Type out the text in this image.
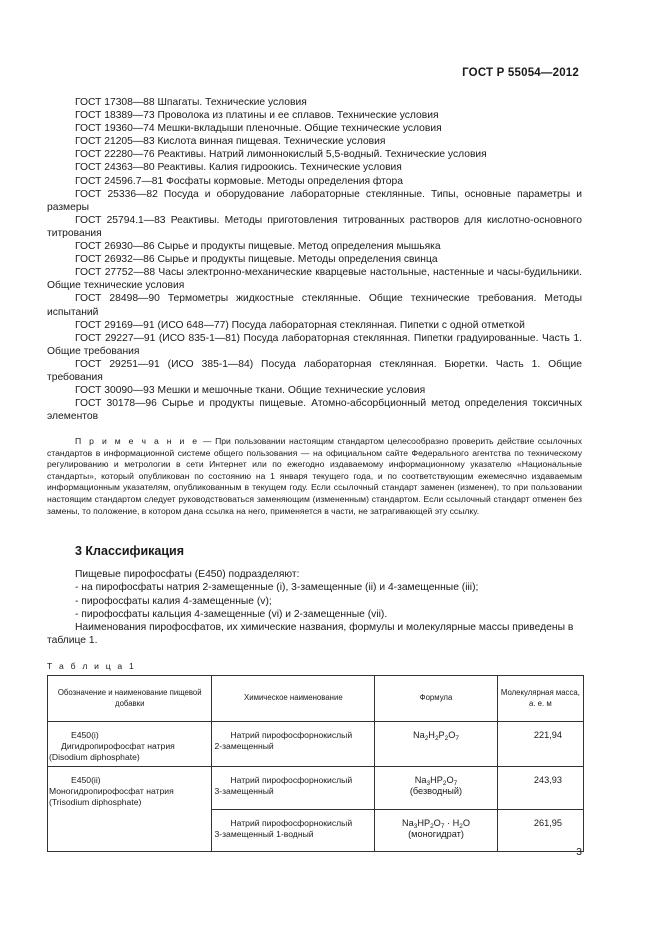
ГОСТ Р 55054—2012

ГОСТ 17308—88 Шпагаты. Технические условия

ГОСТ 18389—73 Проволока из платины и ее сплавов. Технические условия

ГОСТ 19360—74 Мешки-вкладыши пленочные. Общие технические условия

ГОСТ 21205—83 Кислота винная пищевая. Технические условия

ГОСТ 22280—76 Реактивы. Натрий лимоннокислый 5,5-водный. Технические условия

ГОСТ 24363—80 Реактивы. Калия гидроокись. Технические условия

ГОСТ 24596.7—81 Фосфаты кормовые. Методы определения фтора

ГОСТ 25336—82 Посуда и оборудование лабораторные стеклянные. Типы, основные параметры и размеры

ГОСТ 25794.1—83 Реактивы. Методы приготовления титрованных растворов для кислотно-основного титрования

ГОСТ 26930—86 Сырье и продукты пищевые. Метод определения мышьяка

ГОСТ 26932—86 Сырье и продукты пищевые. Методы определения свинца

ГОСТ 27752—88 Часы электронно-механические кварцевые настольные, настенные и часы-будильники. Общие технические условия

ГОСТ 28498—90 Термометры жидкостные стеклянные. Общие технические требования. Методы испытаний

ГОСТ 29169—91 (ИСО 648—77) Посуда лабораторная стеклянная. Пипетки с одной отметкой

ГОСТ 29227—91 (ИСО 835-1—81) Посуда лабораторная стеклянная. Пипетки градуированные. Часть 1. Общие требования

ГОСТ 29251—91 (ИСО 385-1—84) Посуда лабораторная стеклянная. Бюретки. Часть 1. Общие требования

ГОСТ 30090—93 Мешки и мешочные ткани. Общие технические условия

ГОСТ 30178—96 Сырье и продукты пищевые. Атомно-абсорбционный метод определения токсичных элементов

П р и м е ч а н и е — При пользовании настоящим стандартом целесообразно проверить действие ссылочных стандартов в информационной системе общего пользования — на официальном сайте Федерального агентства по техническому регулированию и метрологии в сети Интернет или по ежегодно издаваемому информационному указателю «Национальные стандарты», который опубликован по состоянию на 1 января текущего года, и по соответствующим ежемесячно издаваемым информационным указателям, опубликованным в текущем году. Если ссылочный стандарт заменен (изменен), то при пользовании настоящим стандартом следует руководствоваться заменяющим (измененным) стандартом. Если ссылочный стандарт отменен без замены, то положение, в котором дана ссылка на него, применяется в части, не затрагивающей эту ссылку.
3 Классификация

Пищевые пирофосфаты (Е450) подразделяют:

- на пирофосфаты натрия 2-замещенные (i), 3-замещенные (ii) и 4-замещенные (iii);

- пирофосфаты калия 4-замещенные (v);

- пирофосфаты кальция 4-замещенные (vi) и 2-замещенные (vii).

Наименования пирофосфатов, их химические названия, формулы и молекулярные массы приведены в таблице 1.

Т а б л и ц а 1
Обозначение и наименование пищевой добавки	Химическое наименование	Формула	Молекулярная масса, а. е. м

Е450(i)
Дигидропирофосфат натрия
(Disodium diphosphate)	Натрий пирофосфорнокислый
2-замещенный	$Na_2H_2P_2O_7$	221,94

Е450(ii)
Моногидропирофосфат натрия
(Trisodium diphosphate)	Натрий пирофосфорнокислый
3-замещенный	$Na_3HP_2O_7$
(безводный)	243,93

	Натрий пирофосфорнокислый
3-замещенный 1-водный	$Na_3HP_2O_7 \cdot H_2O$
(моногидрат)	261,95
3
